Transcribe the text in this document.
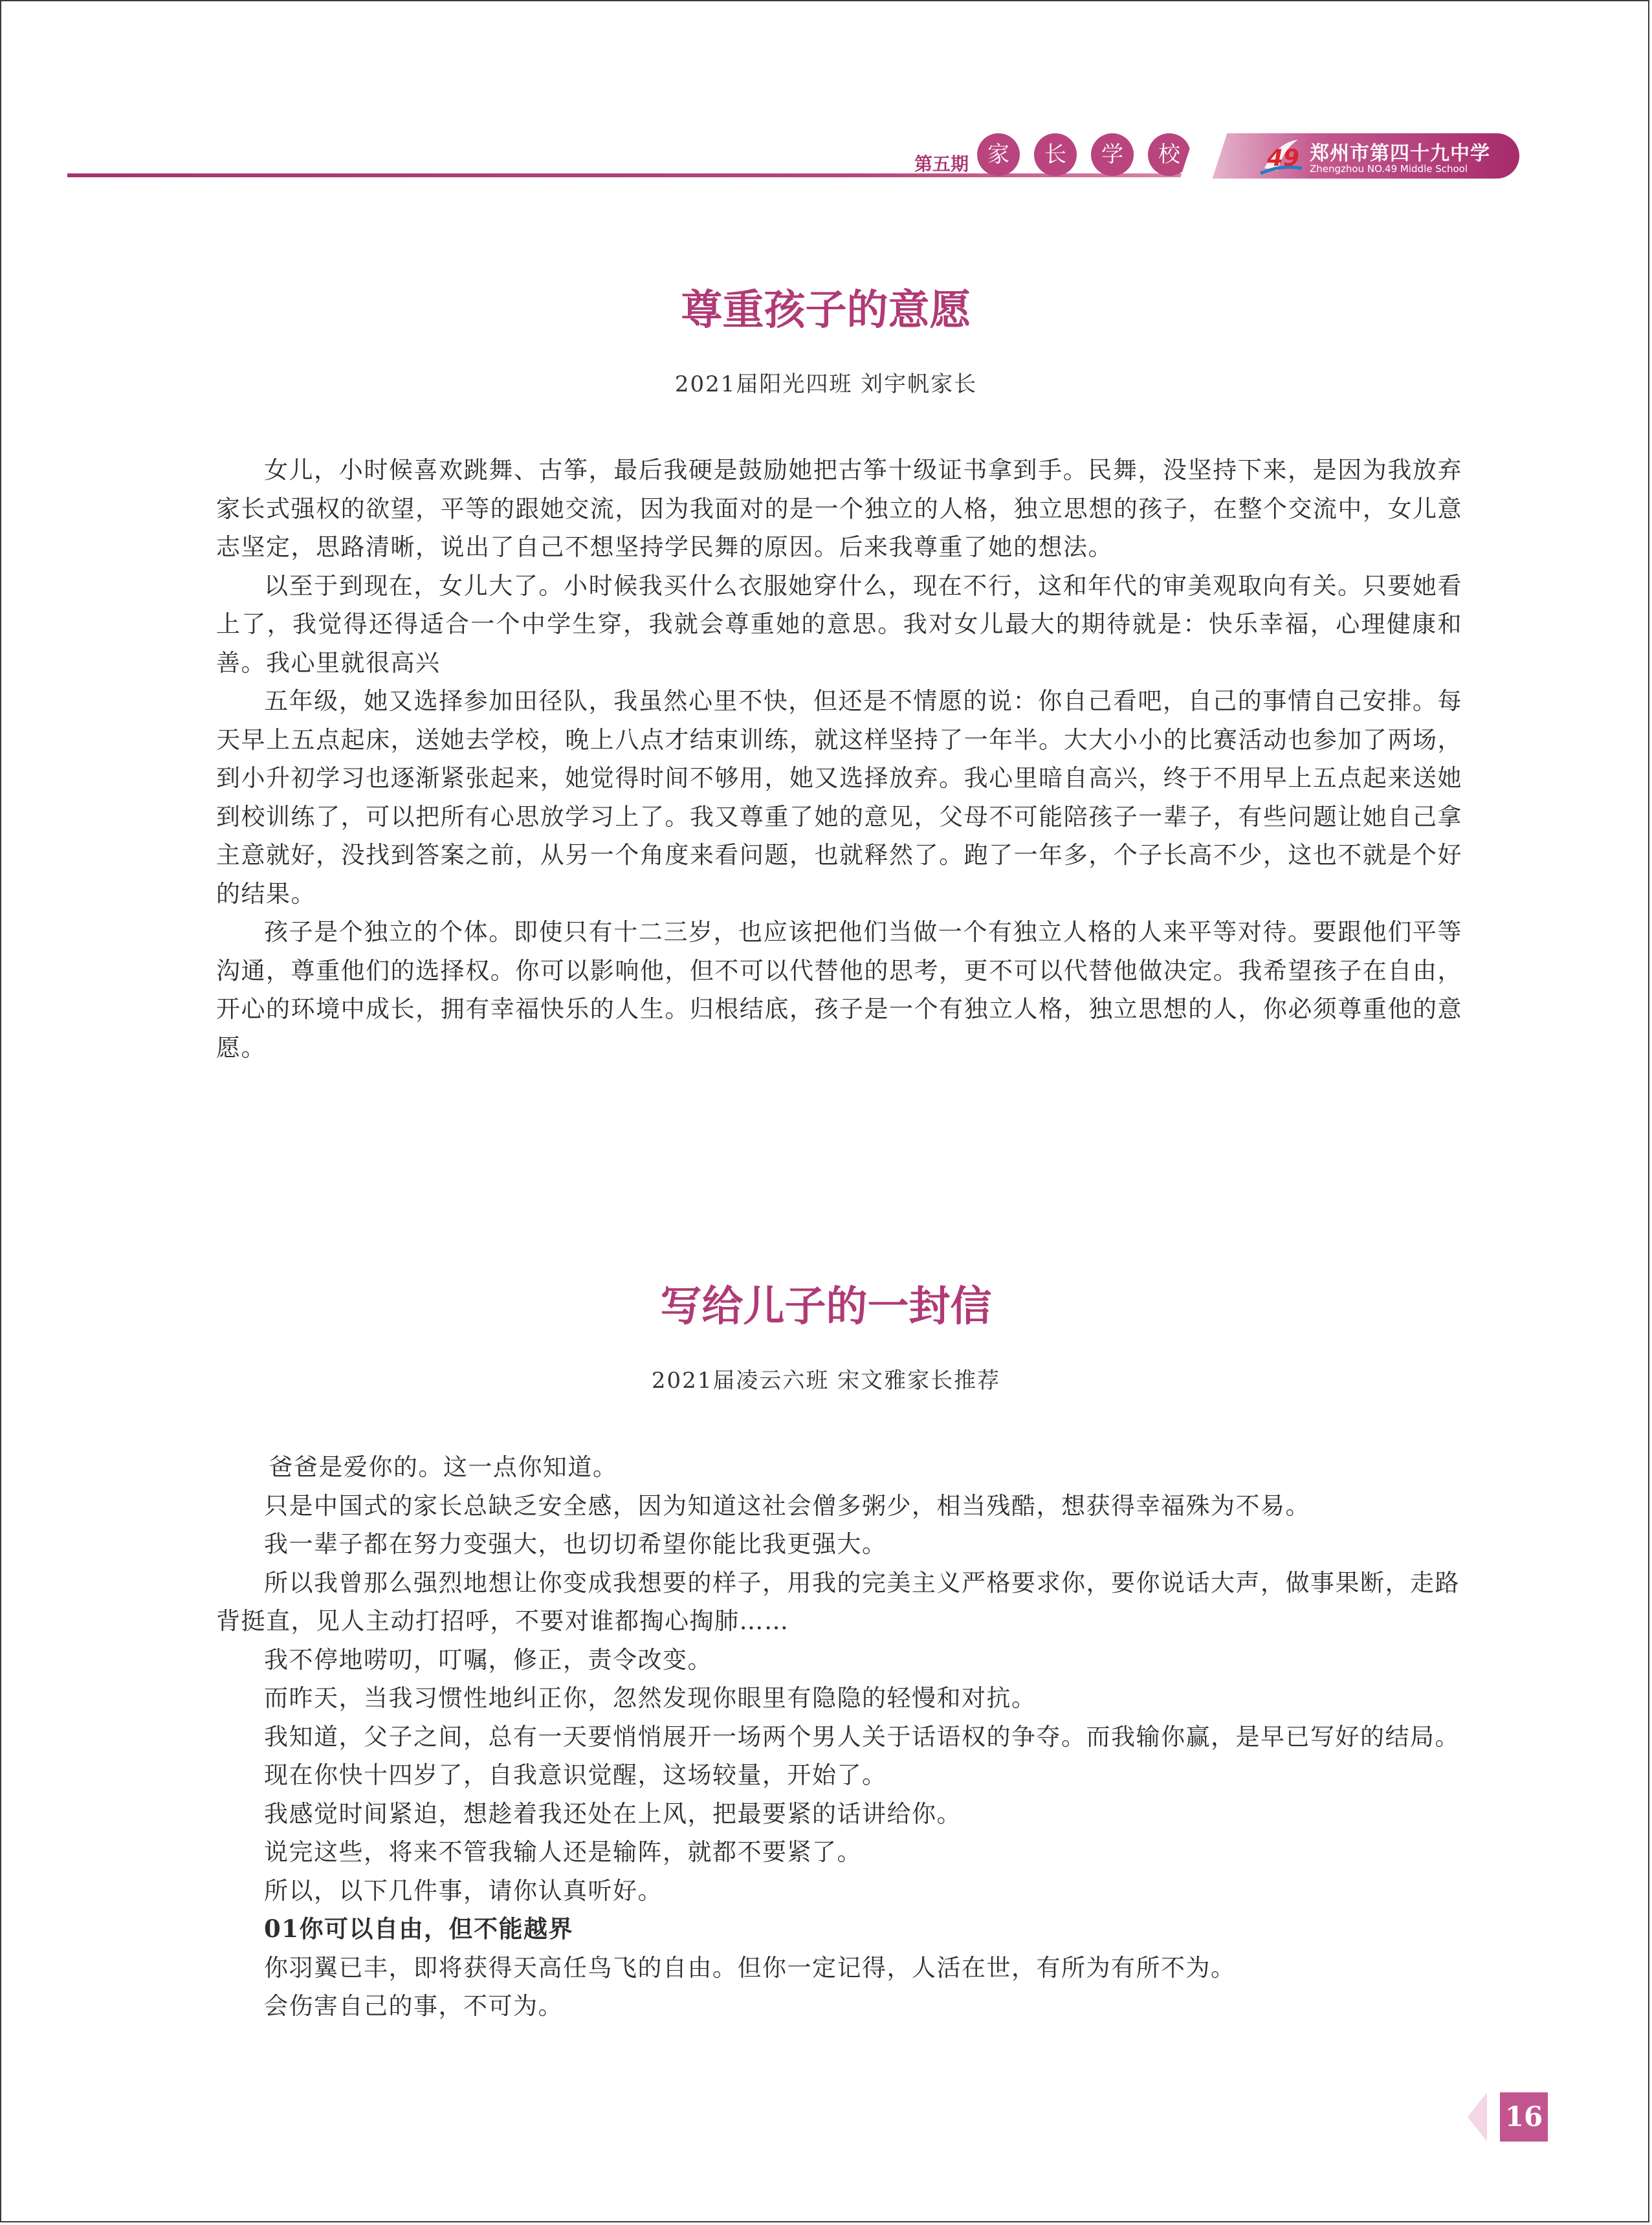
第五期 家	长	学	校	49 郑州市第四十九中学
Zhengzhou NO.49 Middle School
尊重孩子的意愿
2021届阳光四班 刘宇帆家长

女儿，小时候喜欢跳舞、古筝，最后我硬是鼓励她把古筝十级证书拿到手。民舞，没坚持下来，是因为我放弃家长式强权的欲望，平等的跟她交流，因为我面对的是一个独立的人格，独立思想的孩子，在整个交流中，女儿意志坚定，思路清晰，说出了自己不想坚持学民舞的原因。后来我尊重了她的想法。

以至于到现在，女儿大了。小时候我买什么衣服她穿什么，现在不行，这和年代的审美观取向有关。只要她看上了，我觉得还得适合一个中学生穿，我就会尊重她的意思。我对女儿最大的期待就是：快乐幸福，心理健康和善。我心里就很高兴

五年级，她又选择参加田径队，我虽然心里不快，但还是不情愿的说：你自己看吧，自己的事情自己安排。每天早上五点起床，送她去学校，晚上八点才结束训练，就这样坚持了一年半。大大小小的比赛活动也参加了两场，到小升初学习也逐渐紧张起来，她觉得时间不够用，她又选择放弃。我心里暗自高兴，终于不用早上五点起来送她到校训练了，可以把所有心思放学习上了。我又尊重了她的意见，父母不可能陪孩子一辈子，有些问题让她自己拿主意就好，没找到答案之前，从另一个角度来看问题，也就释然了。跑了一年多，个子长高不少，这也不就是个好的结果。

孩子是个独立的个体。即使只有十二三岁，也应该把他们当做一个有独立人格的人来平等对待。要跟他们平等沟通，尊重他们的选择权。你可以影响他，但不可以代替他的思考，更不可以代替他做决定。我希望孩子在自由，开心的环境中成长，拥有幸福快乐的人生。归根结底，孩子是一个有独立人格，独立思想的人，你必须尊重他的意愿。

写给儿子的一封信
2021届凌云六班 宋文雅家长推荐

爸爸是爱你的。这一点你知道。

只是中国式的家长总缺乏安全感，因为知道这社会僧多粥少，相当残酷，想获得幸福殊为不易。

我一辈子都在努力变强大，也切切希望你能比我更强大。

所以我曾那么强烈地想让你变成我想要的样子，用我的完美主义严格要求你，要你说话大声，做事果断，走路背挺直，见人主动打招呼，不要对谁都掏心掏肺……

我不停地唠叨，叮嘱，修正，责令改变。

而昨天，当我习惯性地纠正你，忽然发现你眼里有隐隐的轻慢和对抗。

我知道，父子之间，总有一天要悄悄展开一场两个男人关于话语权的争夺。而我输你赢，是早已写好的结局。

现在你快十四岁了，自我意识觉醒，这场较量，开始了。

我感觉时间紧迫，想趁着我还处在上风，把最要紧的话讲给你。

说完这些，将来不管我输人还是输阵，就都不要紧了。

所以，以下几件事，请你认真听好。

01你可以自由，但不能越界

你羽翼已丰，即将获得天高任鸟飞的自由。但你一定记得，人活在世，有所为有所不为。

会伤害自己的事，不可为。

16
